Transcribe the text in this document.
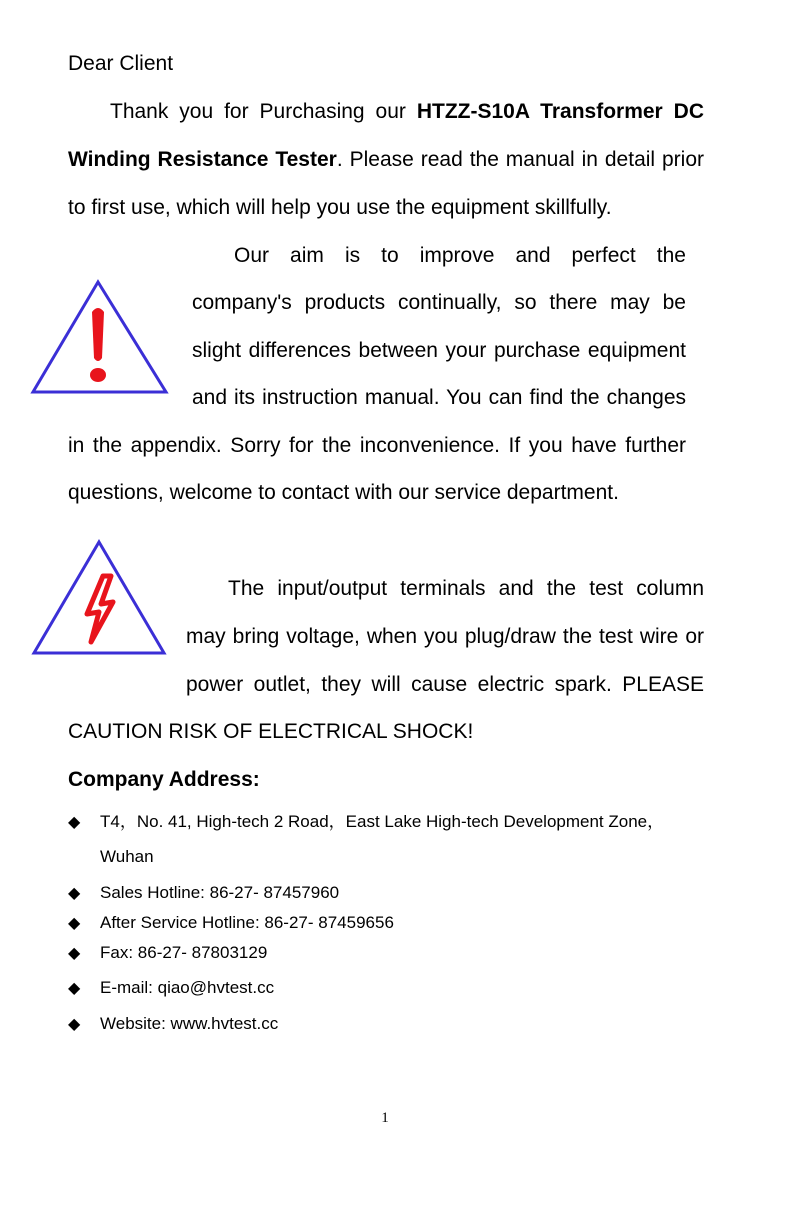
Dear Client
Thank you for Purchasing our HTZZ-S10A Transformer DC
Winding Resistance Tester. Please read the manual in detail prior
to first use, which will help you use the equipment skillfully.
Our aim is to improve and perfect the
company's products continually, so there may be
slight differences between your purchase equipment
and its instruction manual. You can find the changes
in the appendix. Sorry for the inconvenience. If you have further
questions, welcome to contact with our service department.
The input/output terminals and the test column
may bring voltage, when you plug/draw the test wire or
power outlet, they will cause electric spark. PLEASE
CAUTION RISK OF ELECTRICAL SHOCK!
Company Address:
◆ T4，No. 41, High-tech 2 Road，East Lake High-tech Development Zone，
Wuhan
◆ Sales Hotline: 86-27- 87457960
◆ After Service Hotline: 86-27- 87459656
◆ Fax: 86-27- 87803129
◆ E-mail: qiao@hvtest.cc
◆ Website: www.hvtest.cc
1
